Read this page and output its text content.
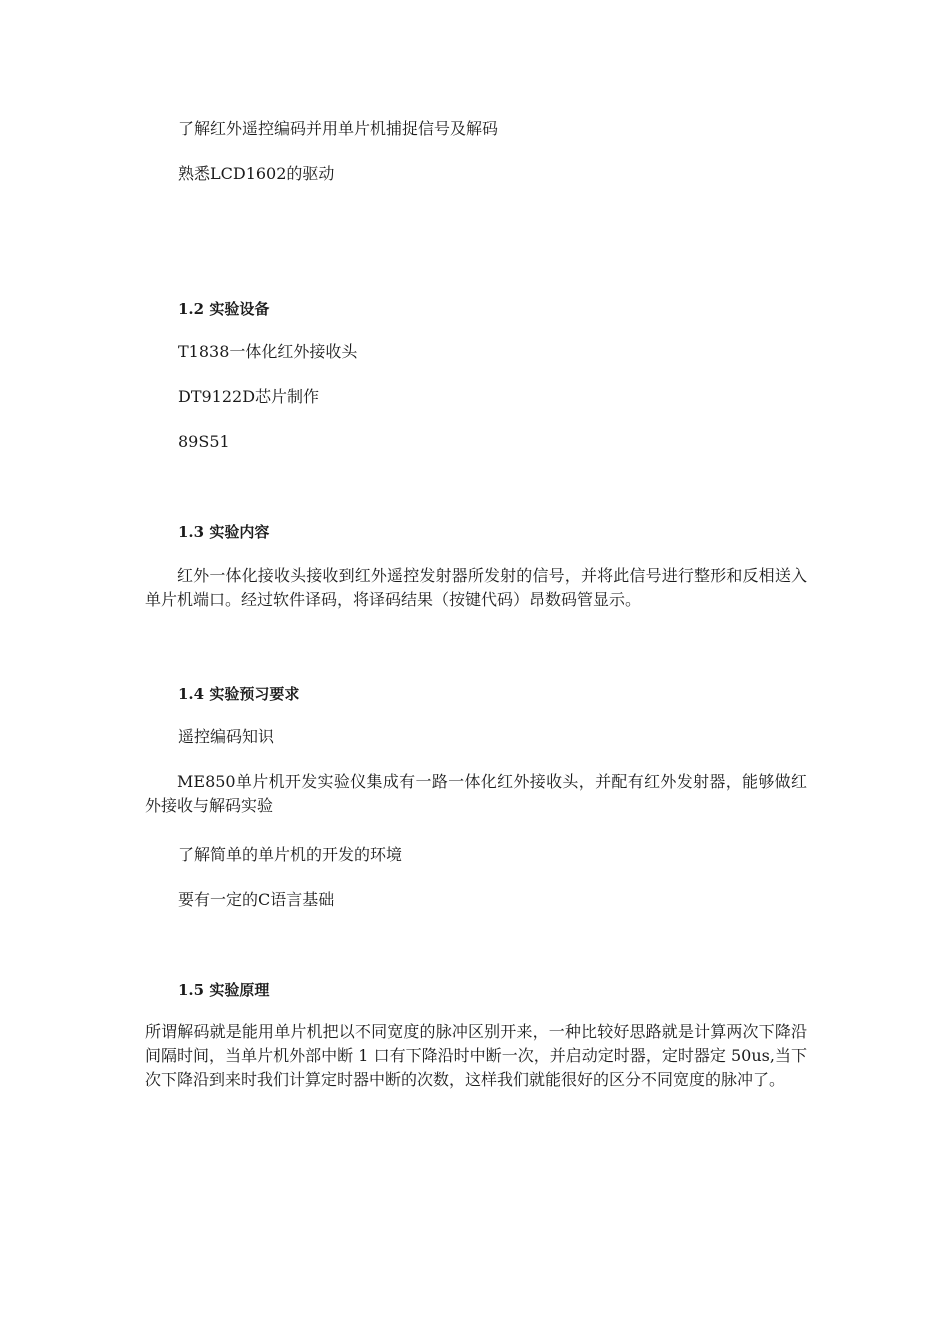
了解红外遥控编码并用单片机捕捉信号及解码
熟悉LCD1602的驱动
1.2 实验设备
T1838一体化红外接收头
DT9122D芯片制作
89S51
1.3 实验内容
红外一体化接收头接收到红外遥控发射器所发射的信号，并将此信号进行整形和反相送入单片机端口。经过软件译码，将译码结果（按键代码）昂数码管显示。
1.4 实验预习要求
遥控编码知识
ME850单片机开发实验仪集成有一路一体化红外接收头，并配有红外发射器，能够做红外接收与解码实验
了解简单的单片机的开发的环境
要有一定的C语言基础
1.5 实验原理
所谓解码就是能用单片机把以不同宽度的脉冲区别开来，一种比较好思路就是计算两次下降沿间隔时间，当单片机外部中断 1 口有下降沿时中断一次，并启动定时器，定时器定 50us,当下次下降沿到来时我们计算定时器中断的次数，这样我们就能很好的区分不同宽度的脉冲了。
